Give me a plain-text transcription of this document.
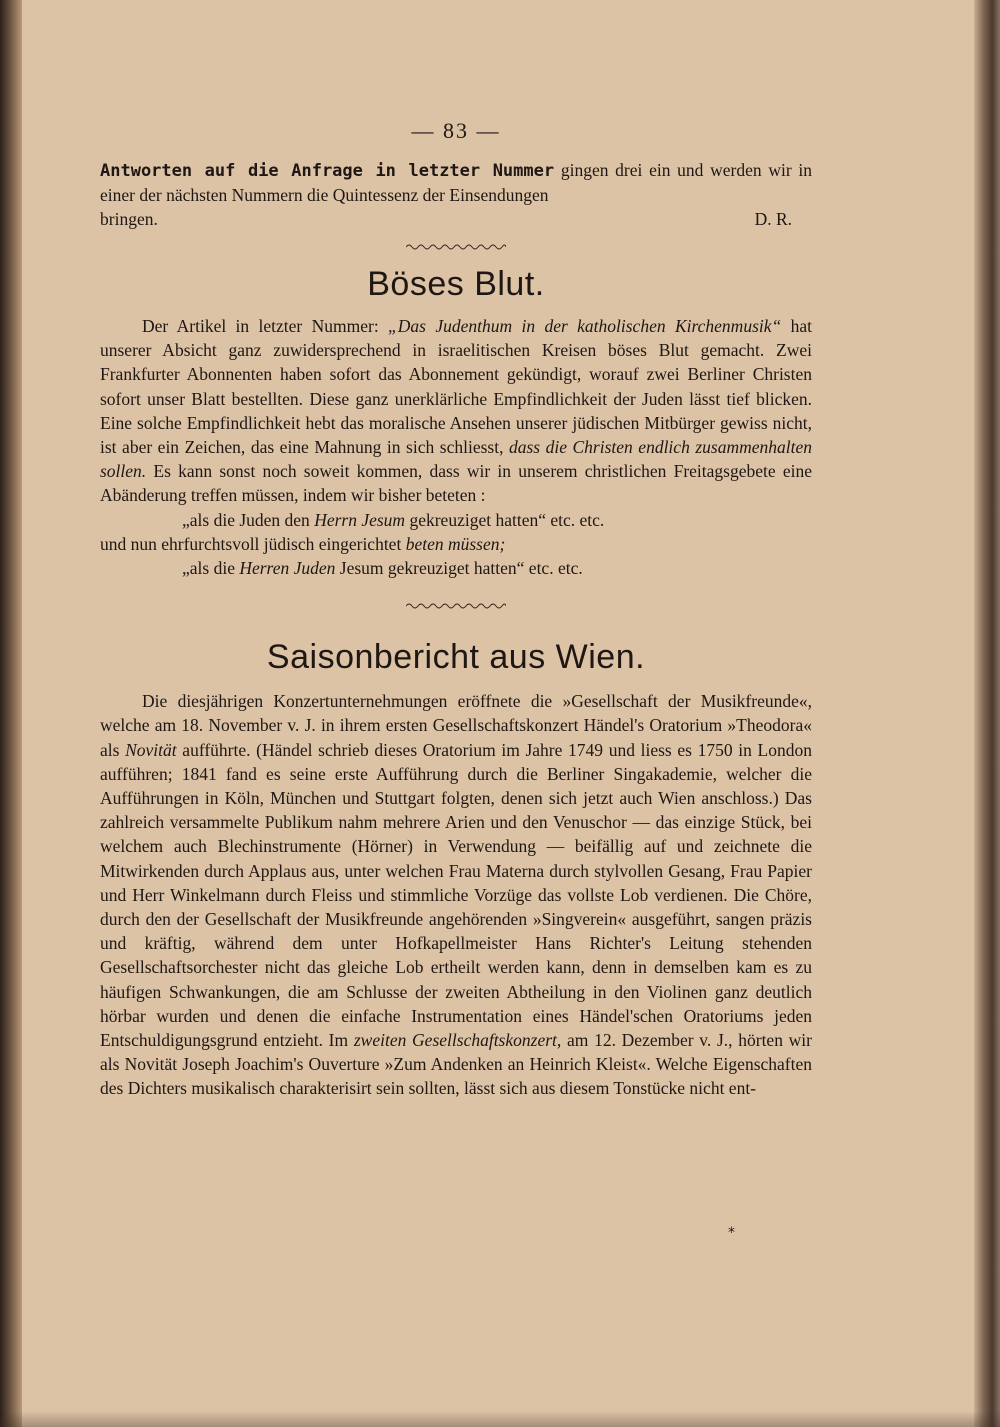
— 83 —

Antworten auf die Anfrage in letzter Nummer gingen drei ein und werden wir in einer der nächsten Nummern die Quintessenz der Einsendungen

bringen.	D. R.
Böses Blut.

Der Artikel in letzter Nummer: „Das Judenthum in der katholischen Kirchenmusik“ hat unserer Absicht ganz zuwidersprechend in israelitischen Kreisen böses Blut gemacht. Zwei Frankfurter Abonnenten haben sofort das Abonnement gekündigt, worauf zwei Berliner Christen sofort unser Blatt bestellten. Diese ganz unerklärliche Empfindlichkeit der Juden lässt tief blicken. Eine solche Empfindlichkeit hebt das moralische Ansehen unserer jüdischen Mitbürger gewiss nicht, ist aber ein Zeichen, das eine Mahnung in sich schliesst, dass die Christen endlich zusammenhalten sollen. Es kann sonst noch soweit kommen, dass wir in unserem christlichen Freitagsgebete eine Abänderung treffen müssen, indem wir bisher beteten :

„als die Juden den Herrn Jesum gekreuziget hatten“ etc. etc.

und nun ehrfurchtsvoll jüdisch eingerichtet beten müssen;

„als die Herren Juden Jesum gekreuziget hatten“ etc. etc.

Saisonbericht aus Wien.

Die diesjährigen Konzertunternehmungen eröffnete die »Gesellschaft der Musikfreunde«, welche am 18. November v. J. in ihrem ersten Gesellschaftskonzert Händel's Oratorium »Theodora« als Novität aufführte. (Händel schrieb dieses Oratorium im Jahre 1749 und liess es 1750 in London aufführen; 1841 fand es seine erste Aufführung durch die Berliner Singakademie, welcher die Aufführungen in Köln, München und Stuttgart folgten, denen sich jetzt auch Wien anschloss.) Das zahlreich versammelte Publikum nahm mehrere Arien und den Venuschor — das einzige Stück, bei welchem auch Blechinstrumente (Hörner) in Verwendung — beifällig auf und zeichnete die Mitwirkenden durch Applaus aus, unter welchen Frau Materna durch stylvollen Gesang, Frau Papier und Herr Winkelmann durch Fleiss und stimmliche Vorzüge das vollste Lob verdienen. Die Chöre, durch den der Gesellschaft der Musikfreunde angehörenden »Singverein« ausgeführt, sangen präzis und kräftig, während dem unter Hofkapellmeister Hans Richter's Leitung stehenden Gesellschaftsorchester nicht das gleiche Lob ertheilt werden kann, denn in demselben kam es zu häufigen Schwankungen, die am Schlusse der zweiten Abtheilung in den Violinen ganz deutlich hörbar wurden und denen die einfache Instrumentation eines Händel'schen Oratoriums jeden Entschuldigungsgrund entzieht. Im zweiten Gesellschaftskonzert, am 12. Dezember v. J., hörten wir als Novität Joseph Joachim's Ouverture »Zum Andenken an Heinrich Kleist«. Welche Eigenschaften des Dichters musikalisch charakterisirt sein sollten, lässt sich aus diesem Tonstücke nicht ent-

*
